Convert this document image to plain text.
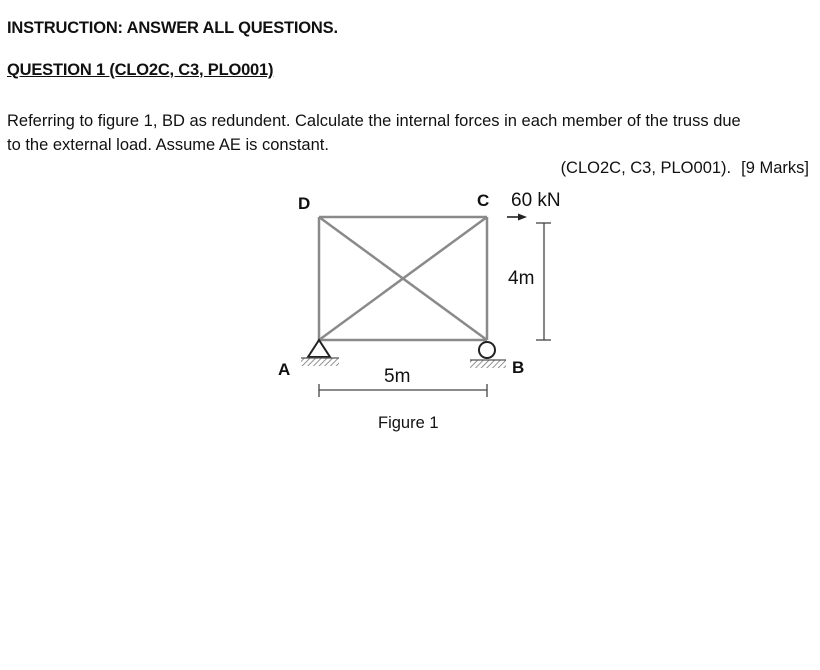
INSTRUCTION: ANSWER ALL QUESTIONS.
QUESTION 1 (CLO2C, C3, PLO001)
Referring to figure 1, BD as redundent. Calculate the internal forces in each member of the truss due
to the external load. Assume AE is constant.
(CLO2C, C3, PLO001). [9 Marks]
D	C
A	B
60 kN
4m
5m
Figure 1
